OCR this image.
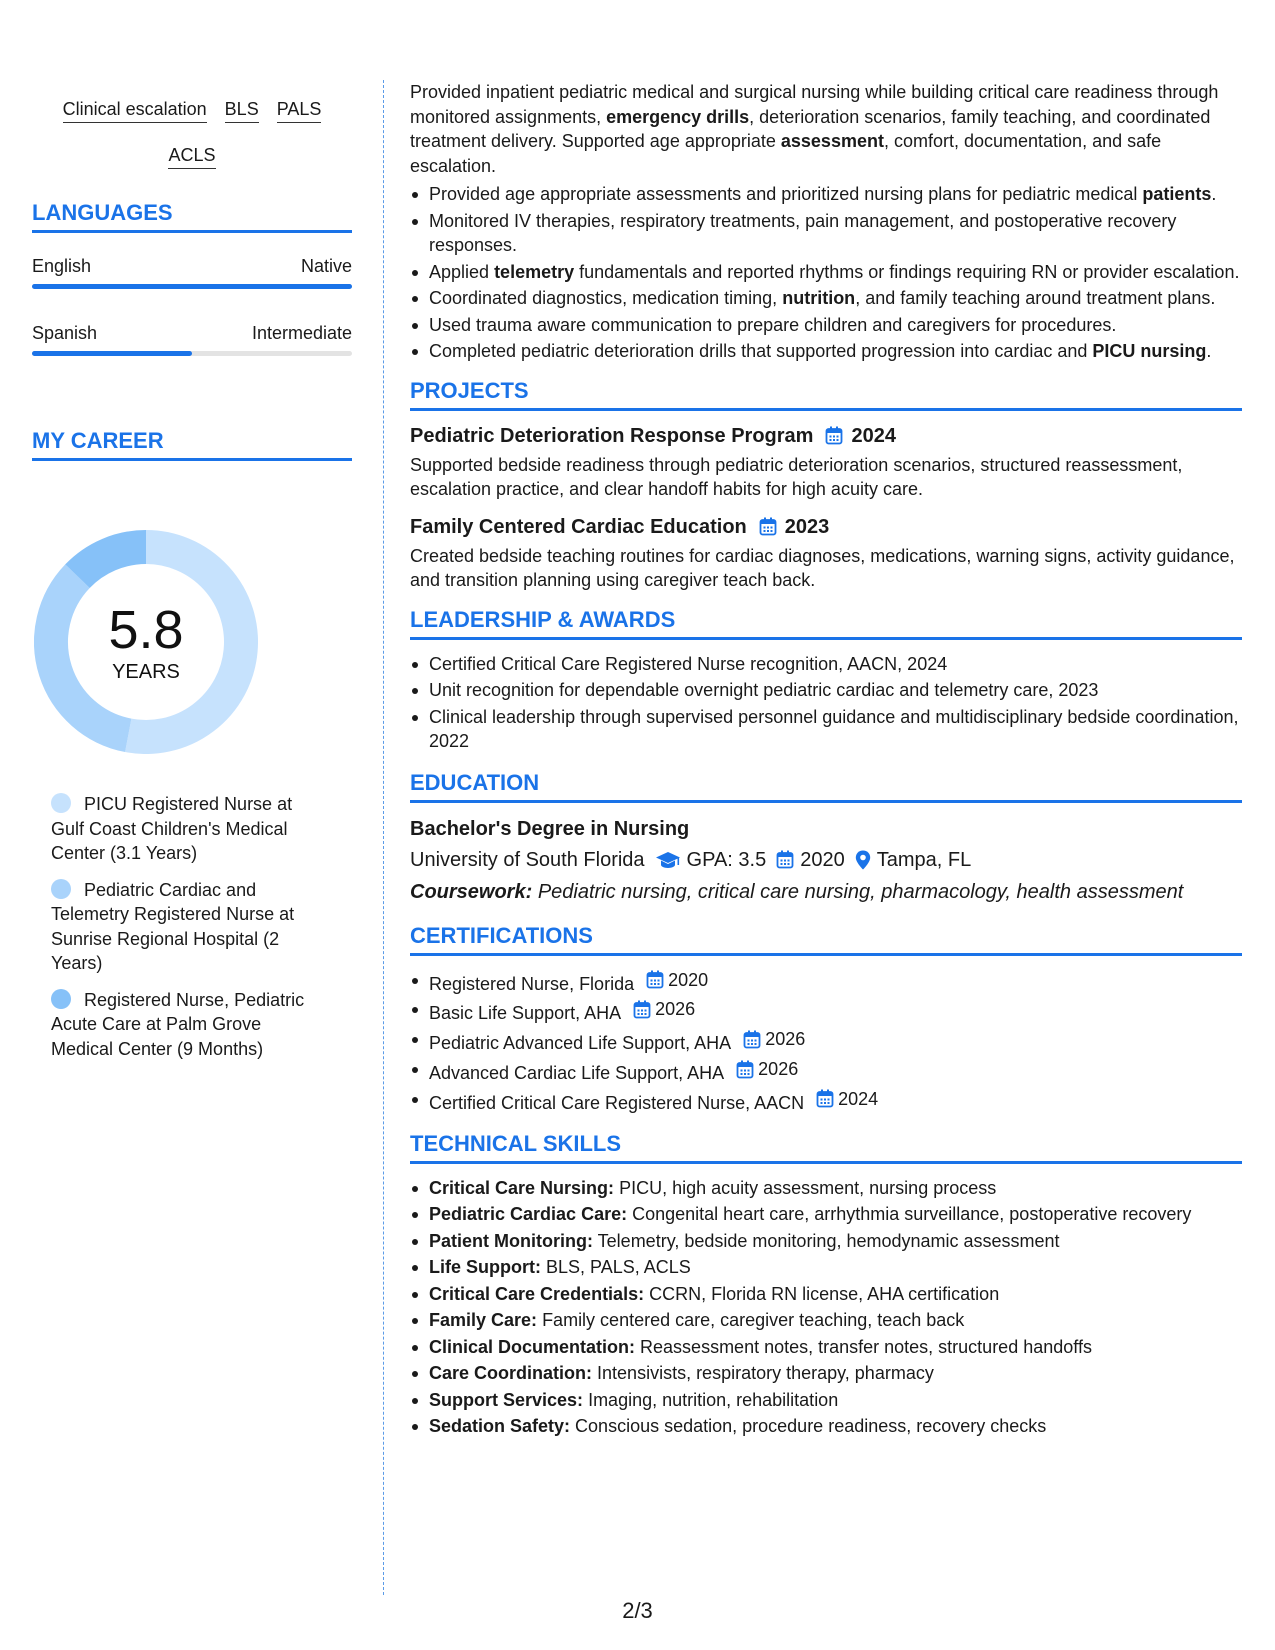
Clinical escalation BLS PALS
ACLS
LANGUAGES
English	Native
Spanish	Intermediate
MY CAREER
5.8
YEARS
PICU Registered Nurse at Gulf Coast Children's Medical Center (3.1 Years)
Pediatric Cardiac and Telemetry Registered Nurse at Sunrise Regional Hospital (2 Years)
Registered Nurse, Pediatric Acute Care at Palm Grove Medical Center (9 Months)

Provided inpatient pediatric medical and surgical nursing while building critical care readiness through monitored assignments, emergency drills, deterioration scenarios, family teaching, and coordinated treatment delivery. Supported age appropriate assessment, comfort, documentation, and safe escalation.

Provided age appropriate assessments and prioritized nursing plans for pediatric medical patients.
Monitored IV therapies, respiratory treatments, pain management, and postoperative recovery responses.
Applied telemetry fundamentals and reported rhythms or findings requiring RN or provider escalation.
Coordinated diagnostics, medication timing, nutrition, and family teaching around treatment plans.
Used trauma aware communication to prepare children and caregivers for procedures.
Completed pediatric deterioration drills that supported progression into cardiac and PICU nursing.
PROJECTS
Pediatric Deterioration Response Program 2024

Supported bedside readiness through pediatric deterioration scenarios, structured reassessment, escalation practice, and clear handoff habits for high acuity care.

Family Centered Cardiac Education 2023

Created bedside teaching routines for cardiac diagnoses, medications, warning signs, activity guidance, and transition planning using caregiver teach back.

LEADERSHIP & AWARDS
Certified Critical Care Registered Nurse recognition, AACN, 2024
Unit recognition for dependable overnight pediatric cardiac and telemetry care, 2023
Clinical leadership through supervised personnel guidance and multidisciplinary bedside coordination, 2022
EDUCATION
Bachelor's Degree in Nursing
University of South Florida GPA: 3.5 2020 Tampa, FL
Coursework: Pediatric nursing, critical care nursing, pharmacology, health assessment
CERTIFICATIONS
Registered Nurse, Florida 2020
Basic Life Support, AHA 2026
Pediatric Advanced Life Support, AHA 2026
Advanced Cardiac Life Support, AHA 2026
Certified Critical Care Registered Nurse, AACN 2024
TECHNICAL SKILLS
Critical Care Nursing: PICU, high acuity assessment, nursing process
Pediatric Cardiac Care: Congenital heart care, arrhythmia surveillance, postoperative recovery
Patient Monitoring: Telemetry, bedside monitoring, hemodynamic assessment
Life Support: BLS, PALS, ACLS
Critical Care Credentials: CCRN, Florida RN license, AHA certification
Family Care: Family centered care, caregiver teaching, teach back
Clinical Documentation: Reassessment notes, transfer notes, structured handoffs
Care Coordination: Intensivists, respiratory therapy, pharmacy
Support Services: Imaging, nutrition, rehabilitation
Sedation Safety: Conscious sedation, procedure readiness, recovery checks
2/3
